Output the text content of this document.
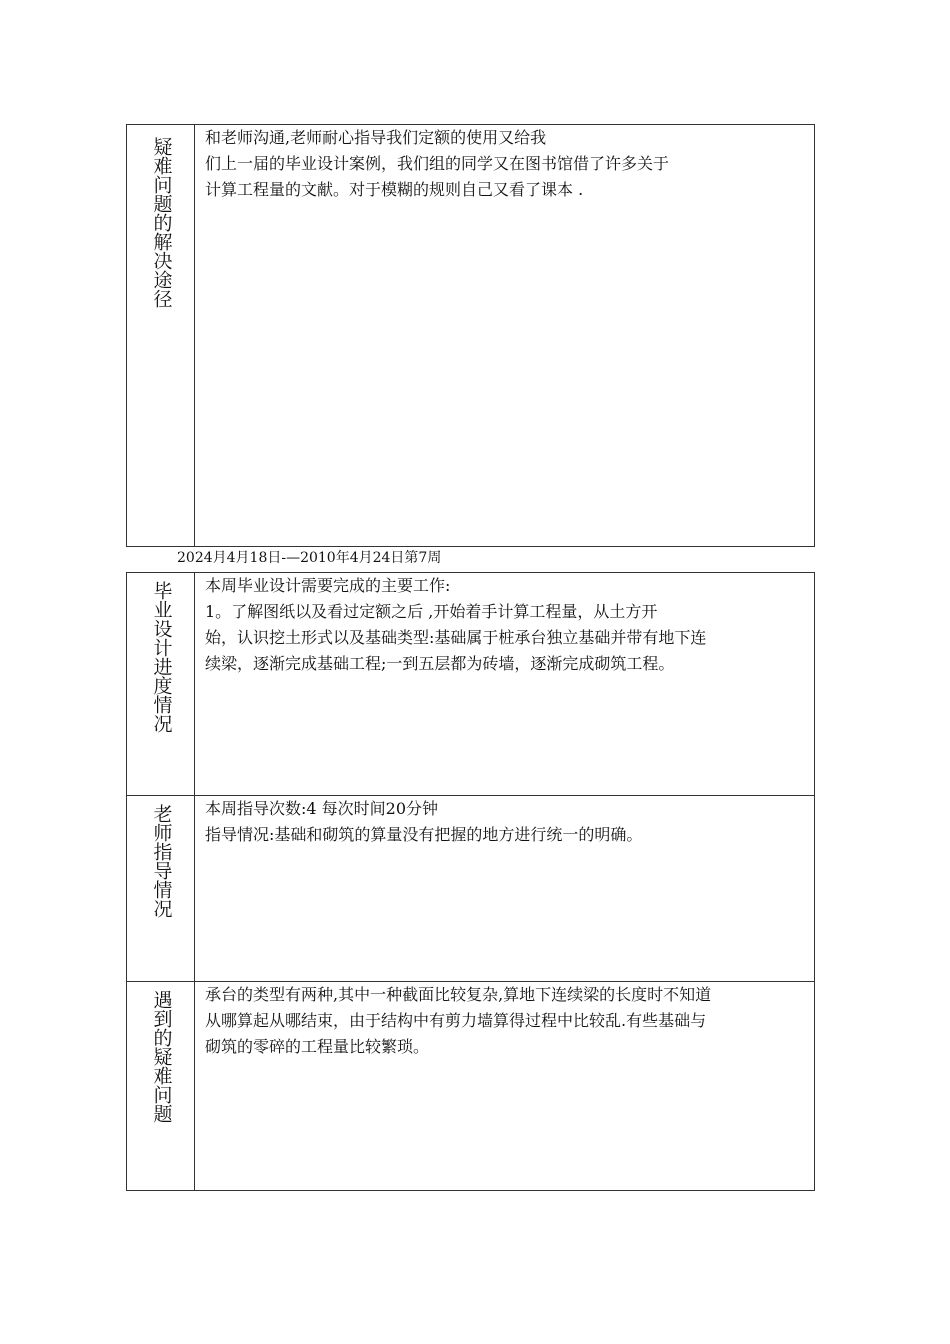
疑难问题的解决途径 和老师沟通,老师耐心指导我们定额的使用又给我

们上一届的毕业设计案例，我们组的同学又在图书馆借了许多关于

计算工程量的文献。对于模糊的规则自己又看了课本 .

2024月4月18日-—2010年4月24日第7周
毕业设计进度情况 本周毕业设计需要完成的主要工作:

1。了解图纸以及看过定额之后 ,开始着手计算工程量，从土方开

始，认识挖土形式以及基础类型:基础属于桩承台独立基础并带有地下连

续梁，逐渐完成基础工程;一到五层都为砖墙，逐渐完成砌筑工程。

老师指导情况 本周指导次数:4 每次时间20分钟

指导情况:基础和砌筑的算量没有把握的地方进行统一的明确。

遇到的疑难问题 承台的类型有两种,其中一种截面比较复杂,算地下连续梁的长度时不知道

从哪算起从哪结束，由于结构中有剪力墙算得过程中比较乱.有些基础与

砌筑的零碎的工程量比较繁琐。
